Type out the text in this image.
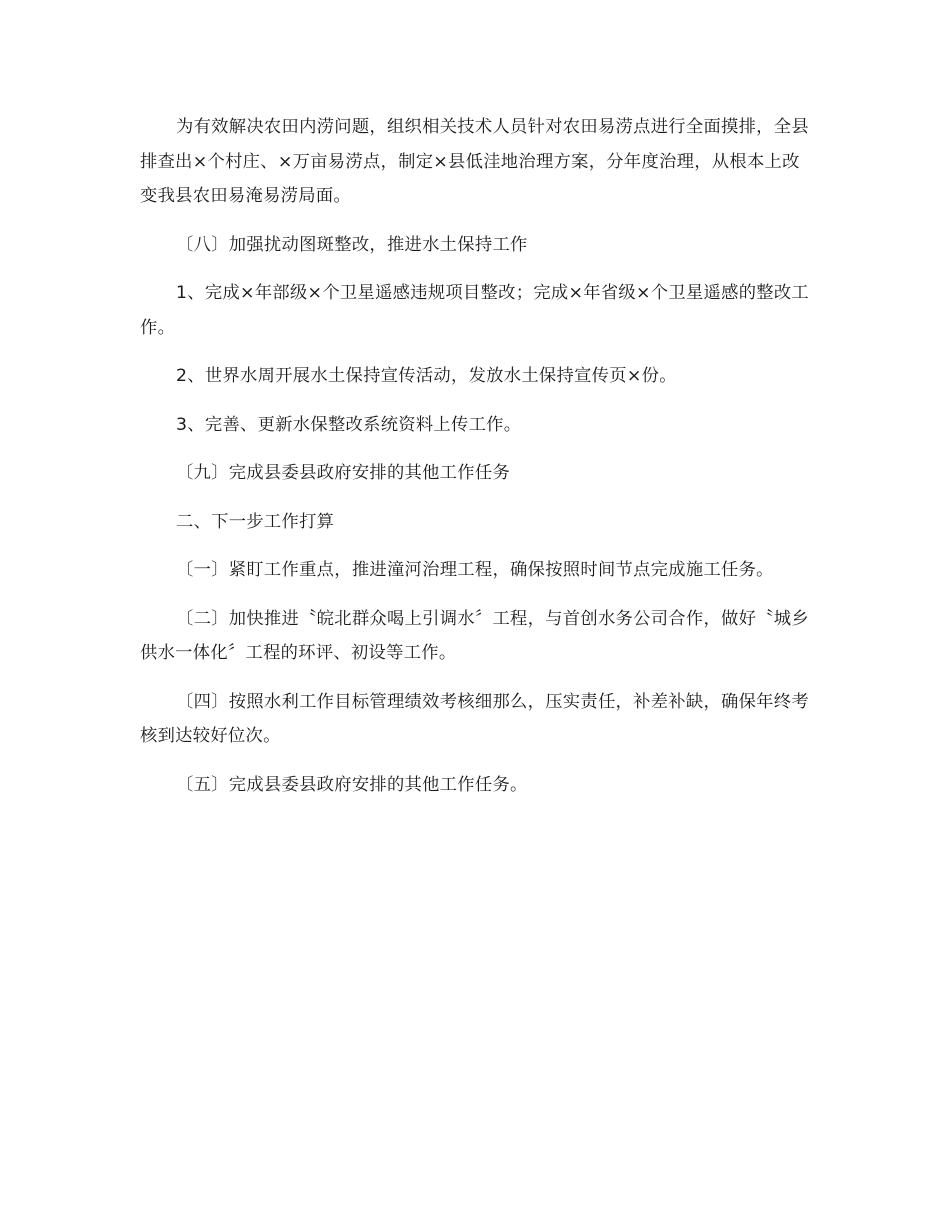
为有效解决农田内涝问题，组织相关技术人员针对农田易涝点进行全面摸排，全县排查出×个村庄、×万亩易涝点，制定×县低洼地治理方案，分年度治理，从根本上改变我县农田易淹易涝局面。

〔八〕加强扰动图斑整改，推进水土保持工作

1、完成×年部级×个卫星遥感违规项目整改；完成×年省级×个卫星遥感的整改工作。

2、世界水周开展水土保持宣传活动，发放水土保持宣传页×份。

3、完善、更新水保整改系统资料上传工作。

〔九〕完成县委县政府安排的其他工作任务

二、下一步工作打算

〔一〕紧盯工作重点，推进潼河治理工程，确保按照时间节点完成施工任务。

〔二〕加快推进〝皖北群众喝上引调水〞工程，与首创水务公司合作，做好〝城乡供水一体化〞工程的环评、初设等工作。

〔四〕按照水利工作目标管理绩效考核细那么，压实责任，补差补缺，确保年终考核到达较好位次。

〔五〕完成县委县政府安排的其他工作任务。
